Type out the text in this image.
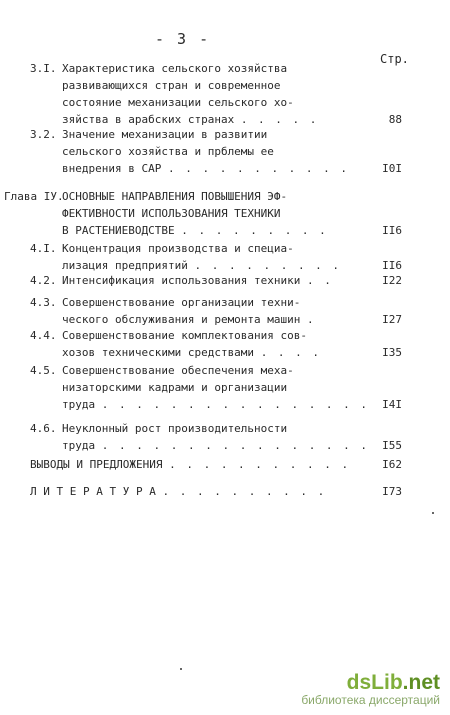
- 3 -
Стр.
3.I. Характеристика сельского хозяйства
развивающихся стран и современное
состояние механизации сельского хо-
зяйства в арабских странах . . . . .	88
3.2. Значение механизации в развитии
сельского хозяйства и прблемы ее
внедрения в САР . . . . . . . . . . .	I0I
Глава IУ.
ОСНОВНЫЕ НАПРАВЛЕНИЯ ПОВЫШЕНИЯ ЭФ-
ФЕКТИВНОСТИ ИСПОЛЬЗОВАНИЯ ТЕХНИКИ
В РАСТЕНИЕВОДСТВЕ . . . . . . . . .	II6
4.I. Концентрация производства и специа-
лизация предприятий . . . . . . . . .	II6
4.2. Интенсификация использования техники . .	I22
4.3. Совершенствование организации техни-
ческого обслуживания и ремонта машин .	I27
4.4. Совершенствование комплектования сов-
хозов техническими средствами . . . .	I35
4.5. Совершенствование обеспечения меха-
низаторскими кадрами и организации
труда . . . . . . . . . . . . . . . . I4I
4.6. Неуклонный рост производительности
труда . . . . . . . . . . . . . . . . I55
ВЫВОДЫ И ПРЕДЛОЖЕНИЯ . . . . . . . . . . .	I62
Л И Т Е Р А Т У Р А . . . . . . . . . .	I73
dsLib.net
библиотека диссертаций
